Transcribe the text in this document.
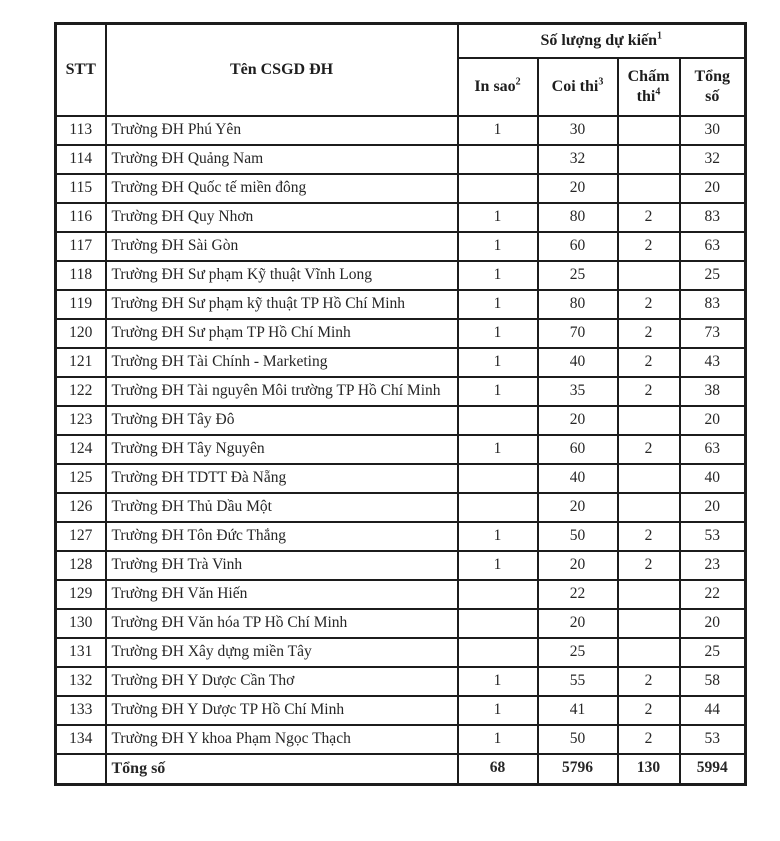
STT	Tên CSGD ĐH	Số lượng dự kiến$^1$
		In sao$^2$	Coi thi$^3$	Chấm thi$^4$	Tổng số
113	Trường ĐH Phú Yên	1	30		30
114	Trường ĐH Quảng Nam		32		32
115	Trường ĐH Quốc tế miền đông		20		20
116	Trường ĐH Quy Nhơn	1	80	2	83
117	Trường ĐH Sài Gòn	1	60	2	63
118	Trường ĐH Sư phạm Kỹ thuật Vĩnh Long	1	25		25
119	Trường ĐH Sư phạm kỹ thuật TP Hồ Chí Minh	1	80	2	83
120	Trường ĐH Sư phạm TP Hồ Chí Minh	1	70	2	73
121	Trường ĐH Tài Chính - Marketing	1	40	2	43
122	Trường ĐH Tài nguyên Môi trường TP Hồ Chí Minh	1	35	2	38
123	Trường ĐH Tây Đô		20		20
124	Trường ĐH Tây Nguyên	1	60	2	63
125	Trường ĐH TDTT Đà Nẵng		40		40
126	Trường ĐH Thủ Dầu Một		20		20
127	Trường ĐH Tôn Đức Thắng	1	50	2	53
128	Trường ĐH Trà Vinh	1	20	2	23
129	Trường ĐH Văn Hiến		22		22
130	Trường ĐH Văn hóa TP Hồ Chí Minh		20		20
131	Trường ĐH Xây dựng miền Tây		25		25
132	Trường ĐH Y Dược Cần Thơ	1	55	2	58
133	Trường ĐH Y Dược TP Hồ Chí Minh	1	41	2	44
134	Trường ĐH Y khoa Phạm Ngọc Thạch	1	50	2	53
	Tổng số	68	5796	130	5994
